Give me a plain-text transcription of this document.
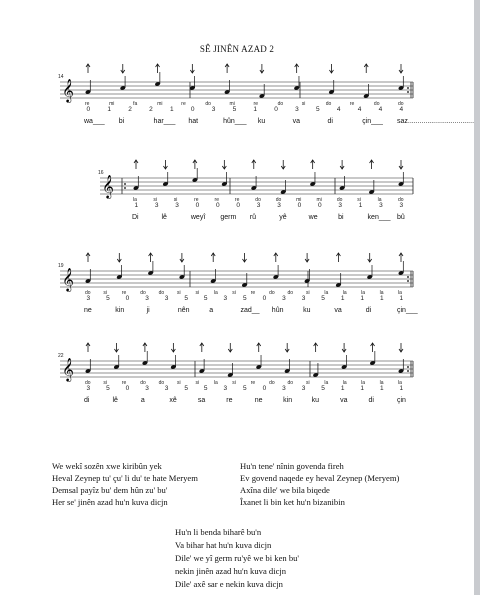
SÊ JINÊN AZAD 2
14
𝄞
re	mi	fa	mi	re	do	mi	re	do	si	do	re	do	do
0	1	2	2	1	0	3	5	1	0	3	5	4	4	4	4
wa___ bi	har___ hat	hûn___ ku	va	di	çin___ saz..................................
16
𝄞
la	si	si	re	re	re	do	do	mi	mi	do	si	la	do
1	3	3	0	0	0	3	3	0	0	3	1	3	3
Di	lê	weyî germ rû	yê	we	bi	ken___ bû
19
𝄞
do	si	re	do	do	si	si	la	si	re	do	do	si	la	la	la	la	la
3 5 0 3 3 5 5 3 5 0 3 3 5 1 1 1 1
ne	kin	ji	nên	a	zad__ hûn	ku	va	di	çin___
22
𝄞
do	si	re	do	do	si	si	la	si	re	do	do	si	la	la	la	la	la
3 5 0 3 3 5 5 3 5 0 3 3 5 1 1 1 1
di	lê	a	xê	sa	re	ne	kin	ku	va	di	çin
We wekî sozên xwe kiribûn yek
Heval Zeynep tu' çu' li du' te hate Meryem
Demsal payîz bu' dem hûn zu' bu'
Her se' jinên azad hu'n kuva dicjn
Hu'n tene' nînin govenda fireh
Ev govend naqede ey heval Zeynep (Meryem)
Axîna dile' we bila biqede
Îxanet li bin ket hu'n bizanibin
Hu'n li benda biharê bu'n
Va bihar hat hu'n kuva dicjn
Dile' we yî germ ru'yê we bi ken bu'
nekin jinên azad hu'n kuva dicjn
Dile' axê sar e nekin kuva dicjn
